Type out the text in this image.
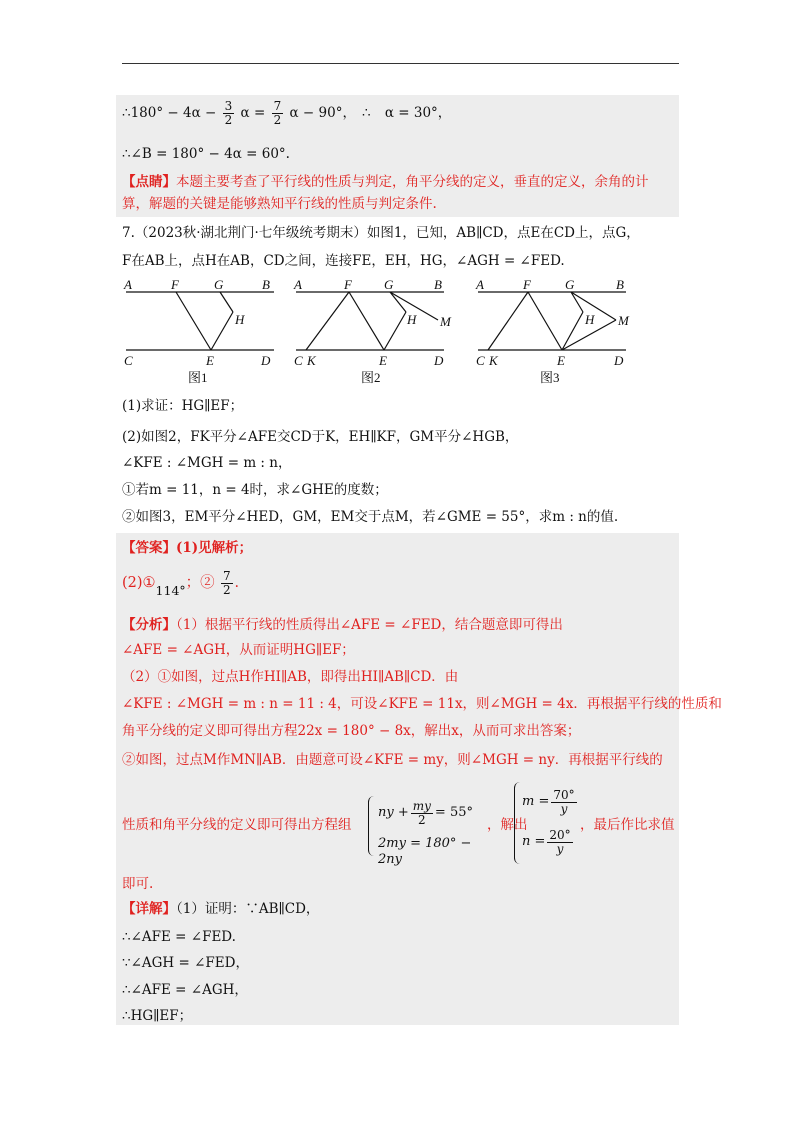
∴180° − $4\alpha - \frac{3}{2}$ $\alpha = \frac{7}{2}$ α − 90°， ∴ α = 30°，
∴∠B = 180° − 4α = 60°.
【点睛】本题主要考查了平行线的性质与判定，角平分线的定义，垂直的定义，余角的计
算，解题的关键是能够熟知平行线的性质与判定条件.
7.（2023秋·湖北荆门·七年级统考期末）如图1，已知，AB∥CD，点E在CD上，点G，
F在AB上，点H在AB，CD之间，连接FE，EH，HG，∠AGH = ∠FED.
A	F	G	B
H
C	E	D
A	F G	B
H M
C K	E	D
A	F	G	B
H M
C K	E	D
图1	图2	图3
(1)求证：HG∥EF；
(2)如图2，FK平分∠AFE交CD于K，EH∥KF，GM平分∠HGB，
∠KFE : ∠MGH = m : n，
①若m = 11，n = 4时，求∠GHE的度数；
②如图3，EM平分∠HED，GM，EM交于点M，若∠GME = 55°，求m : n的值.
【答案】(1)见解析；
(2)①114°；② $\frac{7}{2}$ .
【分析】（1）根据平行线的性质得出∠AFE = ∠FED，结合题意即可得出
∠AFE = ∠AGH，从而证明HG∥EF；
（2）①如图，过点H作HI∥AB，即得出HI∥AB∥CD．由
∠KFE : ∠MGH = m : n = 11 : 4，可设∠KFE = 11x，则∠MGH = 4x．再根据平行线的性质和
角平分线的定义即可得出方程22x = 180° − 8x，解出x，从而可求出答案；
②如图，过点M作MN∥AB．由题意可设∠KFE = my，则∠MGH = ny．再根据平行线的
性质和角平分线的定义即可得出方程组
ny + $\frac{my}{2} = 55^\circ$
2my = 180° − 2ny
，解出
$m = \frac{70^\circ}{y}$
$n = \frac{20^\circ}{y}$
，最后作比求值
即可.
【详解】（1）证明：∵AB∥CD，
∴∠AFE = ∠FED.
∵∠AGH = ∠FED，
∴∠AFE = ∠AGH，
∴HG∥EF；
